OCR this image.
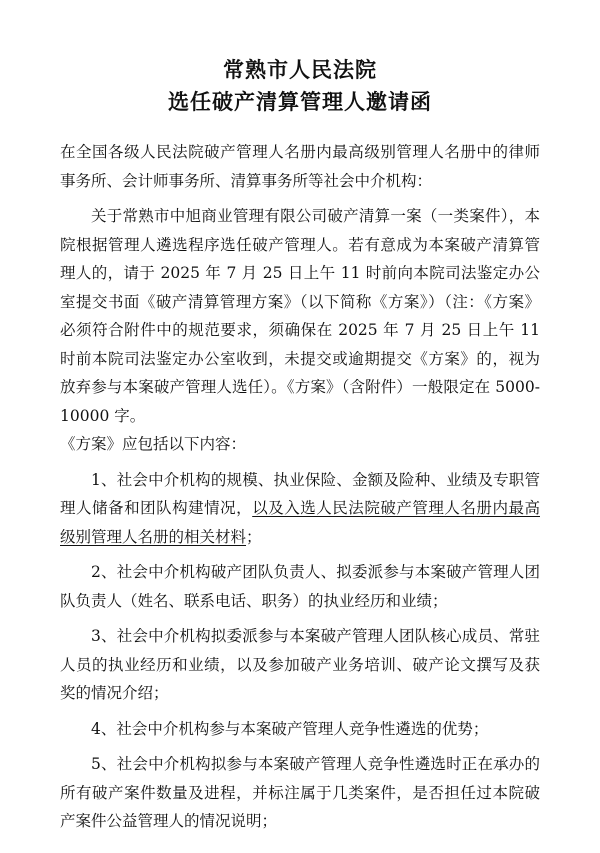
常熟市人民法院
选任破产清算管理人邀请函

在全国各级人民法院破产管理人名册内最高级别管理人名册中的律师事务所、会计师事务所、清算事务所等社会中介机构：

关于常熟市中旭商业管理有限公司破产清算一案（一类案件），本院根据管理人遴选程序选任破产管理人。若有意成为本案破产清算管理人的，请于 2025 年 7 月 25 日上午 11 时前向本院司法鉴定办公室提交书面《破产清算管理方案》（以下简称《方案》）（注：《方案》必须符合附件中的规范要求，须确保在 2025 年 7 月 25 日上午 11 时前本院司法鉴定办公室收到，未提交或逾期提交《方案》的，视为放弃参与本案破产管理人选任）。《方案》（含附件）一般限定在 5000-10000 字。

《方案》应包括以下内容：

1、社会中介机构的规模、执业保险、金额及险种、业绩及专职管理人储备和团队构建情况，以及入选人民法院破产管理人名册内最高级别管理人名册的相关材料；

2、社会中介机构破产团队负责人、拟委派参与本案破产管理人团队负责人（姓名、联系电话、职务）的执业经历和业绩；

3、社会中介机构拟委派参与本案破产管理人团队核心成员、常驻人员的执业经历和业绩，以及参加破产业务培训、破产论文撰写及获奖的情况介绍；

4、社会中介机构参与本案破产管理人竞争性遴选的优势；

5、社会中介机构拟参与本案破产管理人竞争性遴选时正在承办的所有破产案件数量及进程，并标注属于几类案件，是否担任过本院破产案件公益管理人的情况说明；
